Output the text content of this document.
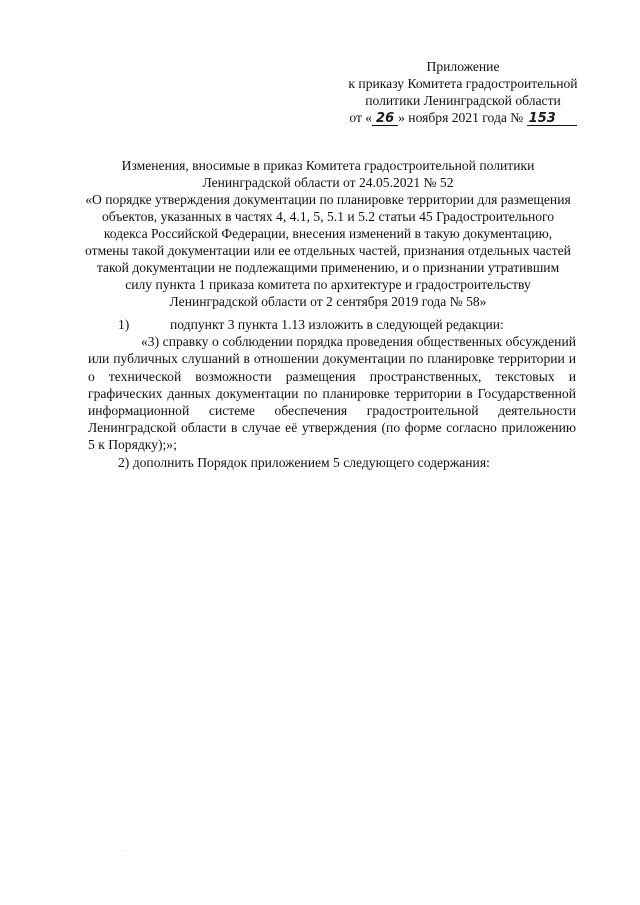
Приложение
к приказу Комитета градостроительной
политики Ленинградской области
от « 26 » ноября 2021 года № 153
Изменения, вносимые в приказ Комитета градостроительной политики
Ленинградской области от 24.05.2021 № 52
«О порядке утверждения документации по планировке территории для размещения
объектов, указанных в частях 4, 4.1, 5, 5.1 и 5.2 статьи 45 Градостроительного
кодекса Российской Федерации, внесения изменений в такую документацию,
отмены такой документации или ее отдельных частей, признания отдельных частей
такой документации не подлежащими применению, и о признании утратившим
силу пункта 1 приказа комитета по архитектуре и градостроительству
Ленинградской области от 2 сентября 2019 года № 58»
1)	подпункт 3 пункта 1.13 изложить в следующей редакции:
«3) справку о соблюдении порядка проведения общественных обсуждений
или публичных слушаний в отношении документации по планировке территории и
о технической возможности размещения пространственных, текстовых и
графических данных документации по планировке территории в Государственной
информационной системе обеспечения градостроительной деятельности
Ленинградской области в случае её утверждения (по форме согласно приложению
5 к Порядку);»;
2) дополнить Порядок приложением 5 следующего содержания:
